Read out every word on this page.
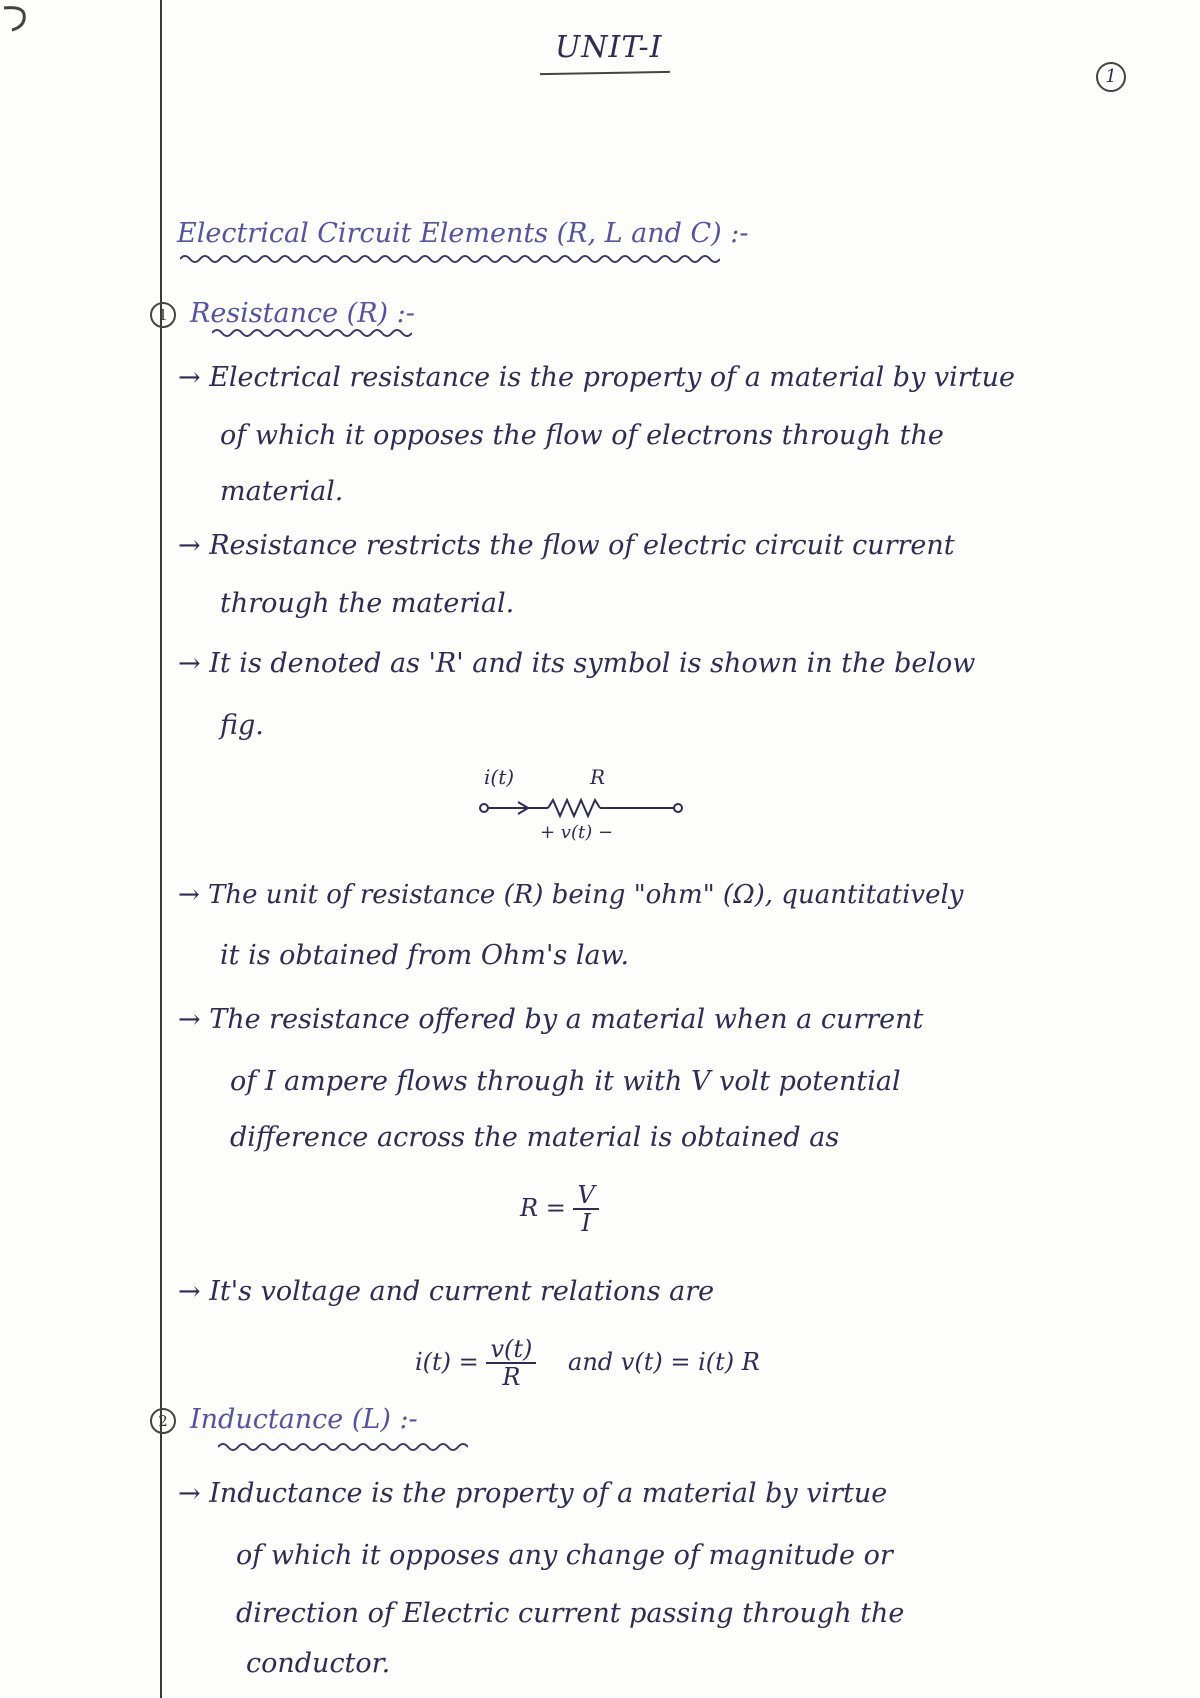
UNIT-I
1
Electrical Circuit Elements (R, L and C) :-
1 Resistance (R) :-
→ Electrical resistance is the property of a material by virtue
of which it opposes the flow of electrons through the
material.
→ Resistance restricts the flow of electric circuit current
through the material.
→ It is denoted as 'R' and its symbol is shown in the below
fig.
i(t)	R
+ v(t) −
→ The unit of resistance (R) being "ohm" (Ω), quantitatively
it is obtained from Ohm's law.
→ The resistance offered by a material when a current
of I ampere flows through it with V volt potential
difference across the material is obtained as
$R = \frac{V}{I}$
→ It's voltage and current relations are
$i(t) = \frac{v(t)}{R}$ and v(t) = i(t) R
2 Inductance (L) :-
→ Inductance is the property of a material by virtue
of which it opposes any change of magnitude or
direction of Electric current passing through the
conductor.
